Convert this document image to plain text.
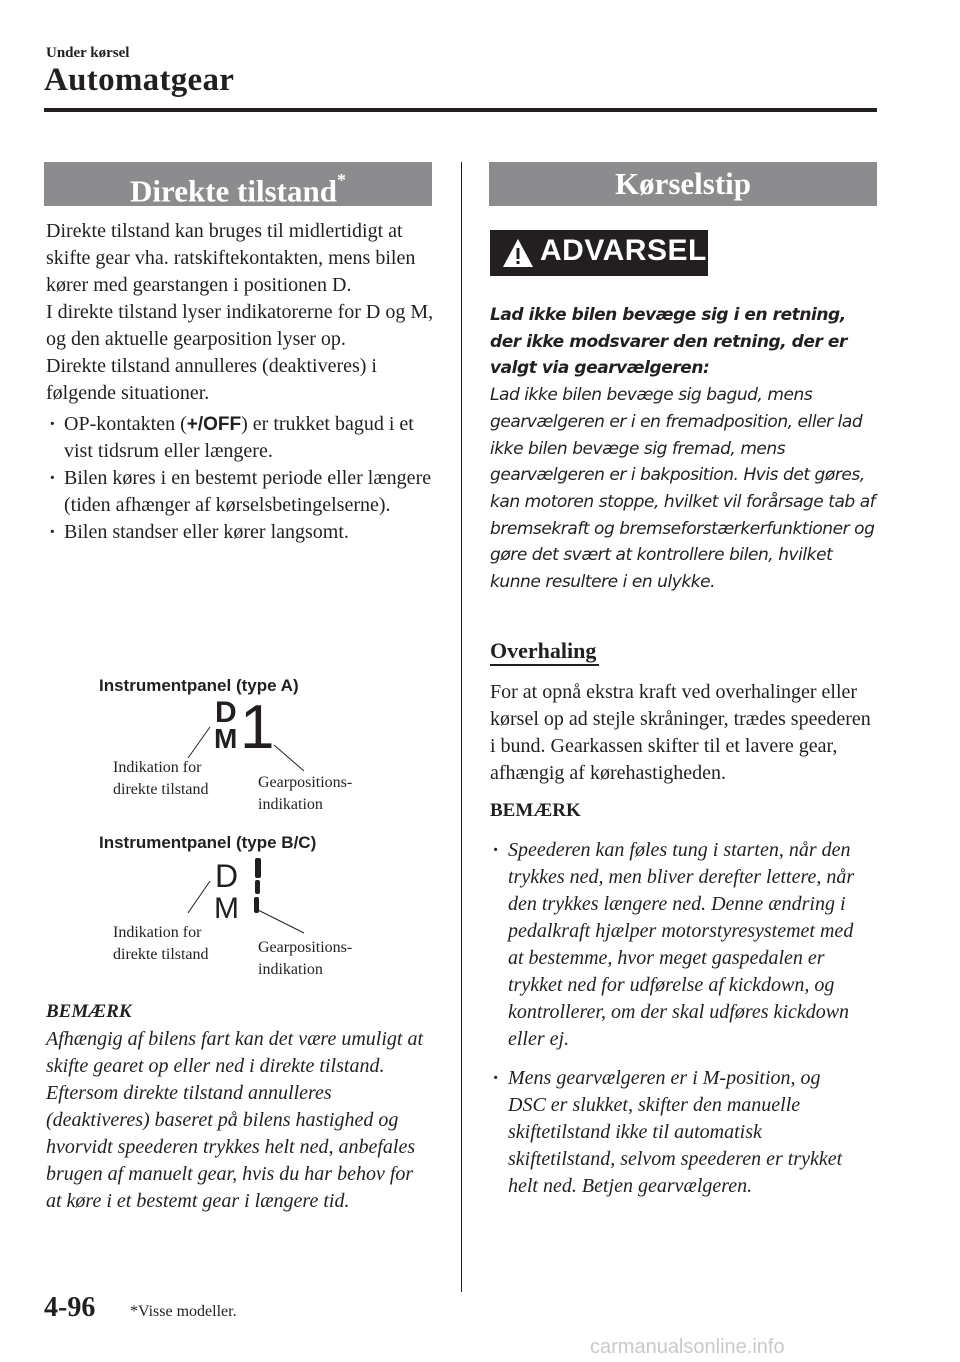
Under kørsel
Automatgear
Direkte tilstand*

Direkte tilstand kan bruges til midlertidigt at skifte gear vha. ratskiftekontakten, mens bilen kører med gearstangen i positionen D.

I direkte tilstand lyser indikatorerne for D og M, og den aktuelle gearposition lyser op.

Direkte tilstand annulleres (deaktiveres) i følgende situationer.

· OP-kontakten (+/OFF) er trukket bagud i et vist tidsrum eller længere.
· Bilen køres i en bestemt periode eller længere (tiden afhænger af kørselsbetingelserne).
· Bilen standser eller kører langsomt.
Instrumentpanel (type A)
D
M 1
Indikation for
direkte tilstand	Gearpositions-
indikation
Instrumentpanel (type B/C)
D
M
Indikation for
direkte tilstand	Gearpositions-
indikation
BEMÆRK
Afhængig af bilens fart kan det være umuligt at skifte gearet op eller ned i direkte tilstand. Eftersom direkte tilstand annulleres (deaktiveres) baseret på bilens hastighed og hvorvidt speederen trykkes helt ned, anbefales brugen af manuelt gear, hvis du har behov for at køre i et bestemt gear i længere tid.
Kørselstip
ADVARSEL
Lad ikke bilen bevæge sig i en retning, der ikke modsvarer den retning, der er valgt via gearvælgeren:
Lad ikke bilen bevæge sig bagud, mens gearvælgeren er i en fremadposition, eller lad ikke bilen bevæge sig fremad, mens gearvælgeren er i bakposition. Hvis det gøres, kan motoren stoppe, hvilket vil forårsage tab af bremsekraft og bremseforstærkerfunktioner og gøre det svært at kontrollere bilen, hvilket kunne resultere i en ulykke.
Overhaling
For at opnå ekstra kraft ved overhalinger eller kørsel op ad stejle skråninger, trædes speederen i bund. Gearkassen skifter til et lavere gear, afhængig af kørehastigheden.
BEMÆRK
· Speederen kan føles tung i starten, når den trykkes ned, men bliver derefter lettere, når den trykkes længere ned. Denne ændring i pedalkraft hjælper motorstyresystemet med at bestemme, hvor meget gaspedalen er trykket ned for udførelse af kickdown, og kontrollerer, om der skal udføres kickdown eller ej.
· Mens gearvælgeren er i M-position, og DSC er slukket, skifter den manuelle skiftetilstand ikke til automatisk skiftetilstand, selvom speederen er trykket helt ned. Betjen gearvælgeren.
4-96 *Visse modeller.
carmanualsonline.info
